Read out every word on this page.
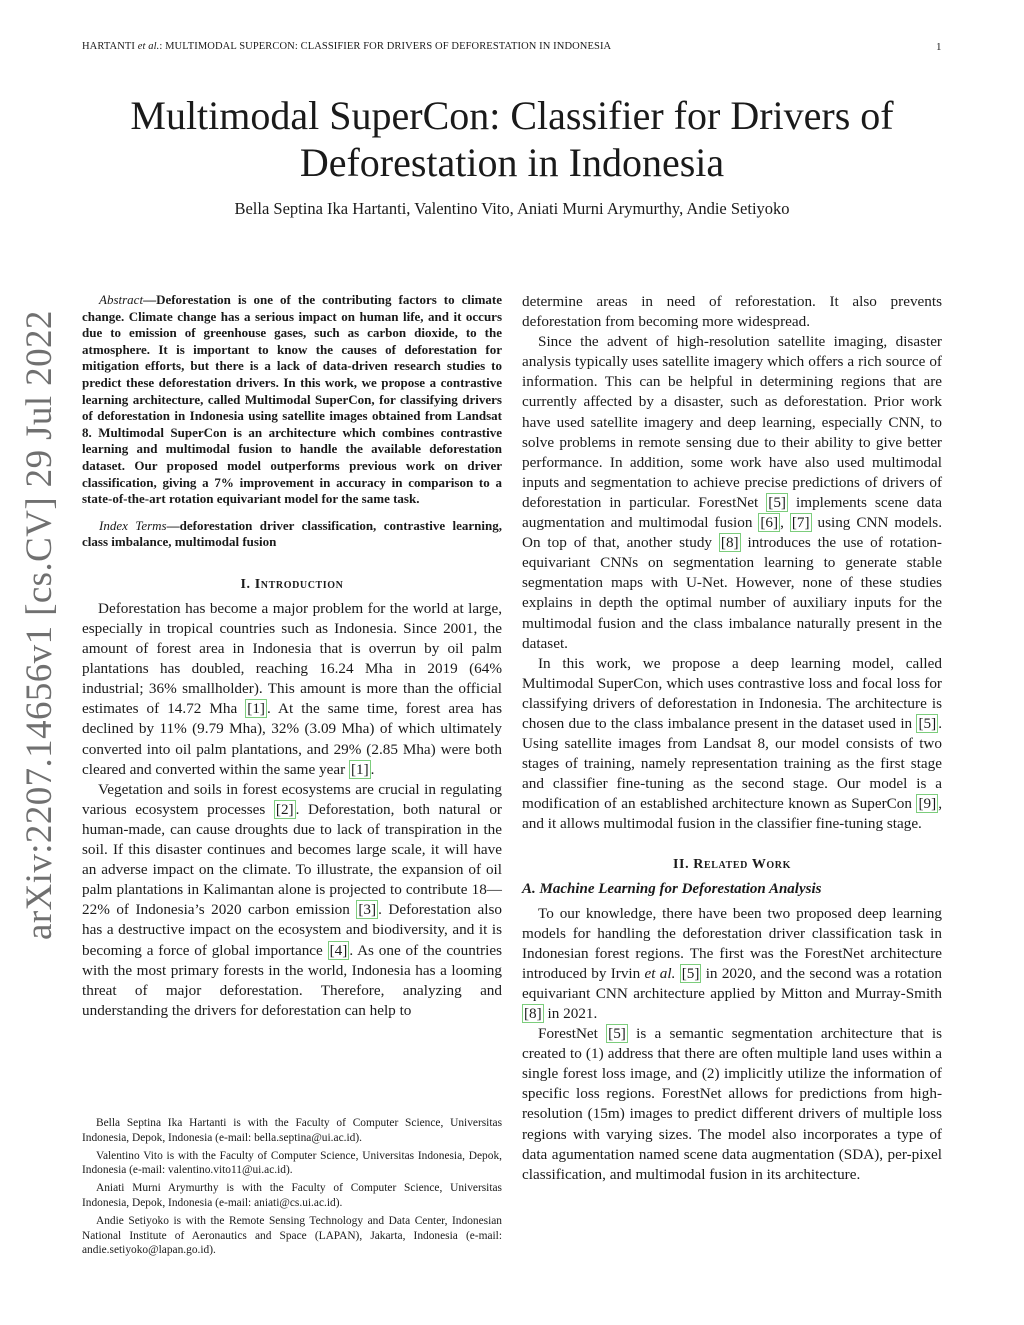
HARTANTI et al.: MULTIMODAL SUPERCON: CLASSIFIER FOR DRIVERS OF DEFORESTATION IN INDONESIA	1
arXiv:2207.14656v1 [cs.CV] 29 Jul 2022
Multimodal SuperCon: Classifier for Drivers of Deforestation in Indonesia
Bella Septina Ika Hartanti, Valentino Vito, Aniati Murni Arymurthy, Andie Setiyoko

Abstract—Deforestation is one of the contributing factors to climate change. Climate change has a serious impact on human life, and it occurs due to emission of greenhouse gases, such as carbon dioxide, to the atmosphere. It is important to know the causes of deforestation for mitigation efforts, but there is a lack of data-driven research studies to predict these deforestation drivers. In this work, we propose a contrastive learning architecture, called Multimodal SuperCon, for classifying drivers of deforestation in Indonesia using satellite images obtained from Landsat 8. Multimodal SuperCon is an architecture which combines contrastive learning and multimodal fusion to handle the available deforestation dataset. Our proposed model outperforms previous work on driver classification, giving a 7% improvement in accuracy in comparison to a state-of-the-art rotation equivariant model for the same task.

Index Terms—deforestation driver classification, contrastive learning, class imbalance, multimodal fusion

I. Introduction

Deforestation has become a major problem for the world at large, especially in tropical countries such as Indonesia. Since 2001, the amount of forest area in Indonesia that is overrun by oil palm plantations has doubled, reaching 16.24 Mha in 2019 (64% industrial; 36% smallholder). This amount is more than the official estimates of 14.72 Mha [1] . At the same time, forest area has declined by 11% (9.79 Mha), 32% (3.09 Mha) of which ultimately converted into oil palm plantations, and 29% (2.85 Mha) were both cleared and converted within the same year [1] .

Vegetation and soils in forest ecosystems are crucial in regulating various ecosystem processes [2] . Deforestation, both natural or human-made, can cause droughts due to lack of transpiration in the soil. If this disaster continues and becomes large scale, it will have an adverse impact on the climate. To illustrate, the expansion of oil palm plantations in Kalimantan alone is projected to contribute 18—22% of Indonesia’s 2020 carbon emission [3] . Deforestation also has a destructive impact on the ecosystem and biodiversity, and it is becoming a force of global importance [4] . As one of the countries with the most primary forests in the world, Indonesia has a looming threat of major deforestation. Therefore, analyzing and understanding the drivers for deforestation can help to

Bella Septina Ika Hartanti is with the Faculty of Computer Science, Universitas Indonesia, Depok, Indonesia (e-mail: bella.septina@ui.ac.id).

Valentino Vito is with the Faculty of Computer Science, Universitas Indonesia, Depok, Indonesia (e-mail: valentino.vito11@ui.ac.id).

Aniati Murni Arymurthy is with the Faculty of Computer Science, Universitas Indonesia, Depok, Indonesia (e-mail: aniati@cs.ui.ac.id).

Andie Setiyoko is with the Remote Sensing Technology and Data Center, Indonesian National Institute of Aeronautics and Space (LAPAN), Jakarta, Indonesia (e-mail: andie.setiyoko@lapan.go.id).

determine areas in need of reforestation. It also prevents deforestation from becoming more widespread.

Since the advent of high-resolution satellite imaging, disaster analysis typically uses satellite imagery which offers a rich source of information. This can be helpful in determining regions that are currently affected by a disaster, such as deforestation. Prior work have used satellite imagery and deep learning, especially CNN, to solve problems in remote sensing due to their ability to give better performance. In addition, some work have also used multimodal inputs and segmentation to achieve precise predictions of drivers of deforestation in particular. ForestNet [5] implements scene data augmentation and multimodal fusion [6] , [7] using CNN models. On top of that, another study [8] introduces the use of rotation-equivariant CNNs on segmentation learning to generate stable segmentation maps with U-Net. However, none of these studies explains in depth the optimal number of auxiliary inputs for the multimodal fusion and the class imbalance naturally present in the dataset.

In this work, we propose a deep learning model, called Multimodal SuperCon, which uses contrastive loss and focal loss for classifying drivers of deforestation in Indonesia. The architecture is chosen due to the class imbalance present in the dataset used in [5] . Using satellite images from Landsat 8, our model consists of two stages of training, namely representation training as the first stage and classifier fine-tuning as the second stage. Our model is a modification of an established architecture known as SuperCon [9] , and it allows multimodal fusion in the classifier fine-tuning stage.

II. Related Work
A. Machine Learning for Deforestation Analysis

To our knowledge, there have been two proposed deep learning models for handling the deforestation driver classification task in Indonesian forest regions. The first was the ForestNet architecture introduced by Irvin et al. [5] in 2020, and the second was a rotation equivariant CNN architecture applied by Mitton and Murray-Smith [8] in 2021.

ForestNet [5] is a semantic segmentation architecture that is created to (1) address that there are often multiple land uses within a single forest loss image, and (2) implicitly utilize the information of specific loss regions. ForestNet allows for predictions from high-resolution (15m) images to predict different drivers of multiple loss regions with varying sizes. The model also incorporates a type of data agumentation named scene data augmentation (SDA), per-pixel classification, and multimodal fusion in its architecture.
